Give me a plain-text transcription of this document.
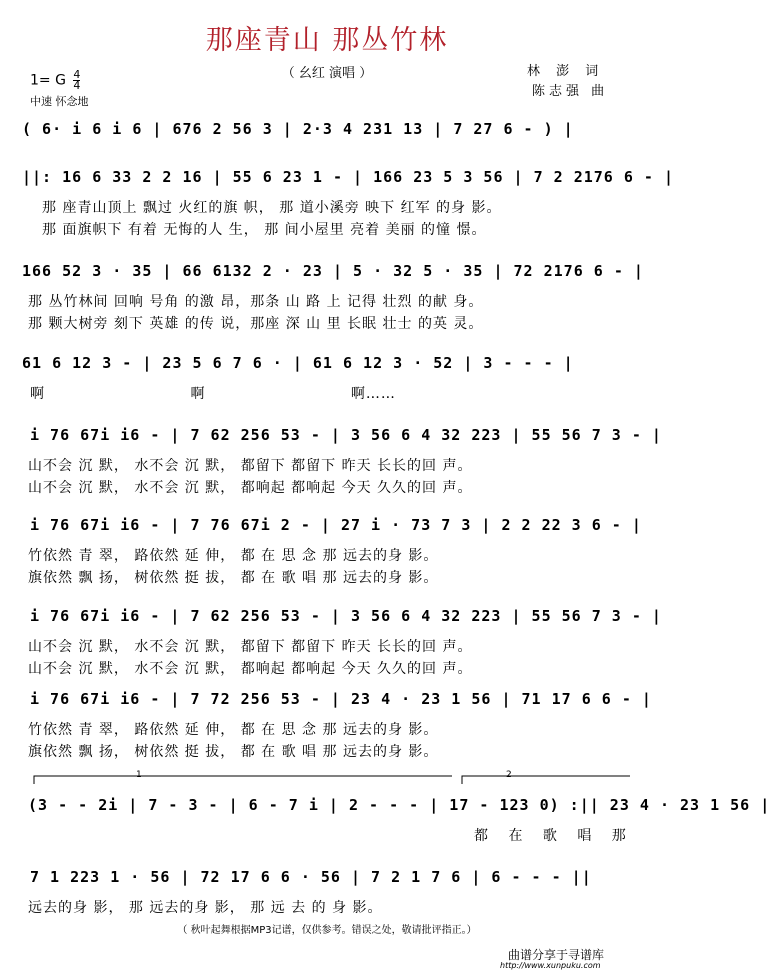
那座青山 那丛竹林
（ 幺红 演唱 ）
1= G $\frac{4}{4}$
中速 怀念地
林 澎 词
陈志强 曲
( 6· i 6 i 6 | 676 2 56 3 | 2·3 4 231 13 | 7 27 6 - ) |
||: 16 6 33 2 2 16 | 55 6 23 1 - | 166 23 5 3 56 | 7 2 2176 6 - |
那 座青山顶上 飘过 火红的旗 帜， 那 道小溪旁 映下 红军 的身 影。
那 面旗帜下 有着 无悔的人 生， 那 间小屋里 亮着 美丽 的憧 憬。
166 52 3 · 35 | 66 6132 2 · 23 | 5 · 32 5 · 35 | 72 2176 6 - |
那 丛竹林间 回响 号角 的激 昂，那条 山 路 上 记得 壮烈 的献 身。
那 颗大树旁 刻下 英雄 的传 说，那座 深 山 里 长眠 壮士 的英 灵。
61 6 12 3 - | 23 5 6 7 6 · | 61 6 12 3 · 52 | 3 - - - |
啊 啊 啊……
i 76 67i i6 - | 7 62 256 53 - | 3 56 6 4 32 223 | 55 56 7 3 - |
山不会 沉 默， 水不会 沉 默， 都留下 都留下 昨天 长长的回 声。
山不会 沉 默， 水不会 沉 默， 都响起 都响起 今天 久久的回 声。
i 76 67i i6 - | 7 76 67i 2 - | 27 i · 73 7 3 | 2 2 22 3 6 - |
竹依然 青 翠， 路依然 延 伸， 都 在 思 念 那 远去的身 影。
旗依然 飘 扬， 树依然 挺 拔， 都 在 歌 唱 那 远去的身 影。
i 76 67i i6 - | 7 62 256 53 - | 3 56 6 4 32 223 | 55 56 7 3 - |
山不会 沉 默， 水不会 沉 默， 都留下 都留下 昨天 长长的回 声。
山不会 沉 默， 水不会 沉 默， 都响起 都响起 今天 久久的回 声。
i 76 67i i6 - | 7 72 256 53 - | 23 4 · 23 1 56 | 71 17 6 6 - |
竹依然 青 翠， 路依然 延 伸， 都 在 思 念 那 远去的身 影。
旗依然 飘 扬， 树依然 挺 拔， 都 在 歌 唱 那 远去的身 影。
1	2
(3 - - 2i | 7 - 3 - | 6 - 7 i | 2 - - - | 17 - 123 0) :|| 23 4 · 23 1 56 |
都 在 歌 唱 那
7 1 223 1 · 56 | 72 17 6 6 · 56 | 7 2 1 7 6 | 6 - - - ||
远去的身 影， 那 远去的身 影， 那 远 去 的 身 影。
（ 秋叶起舞根据MP3记谱，仅供参考。错误之处，敬请批评指正。）
曲谱分享于寻谱库
http://www.xunpuku.com
